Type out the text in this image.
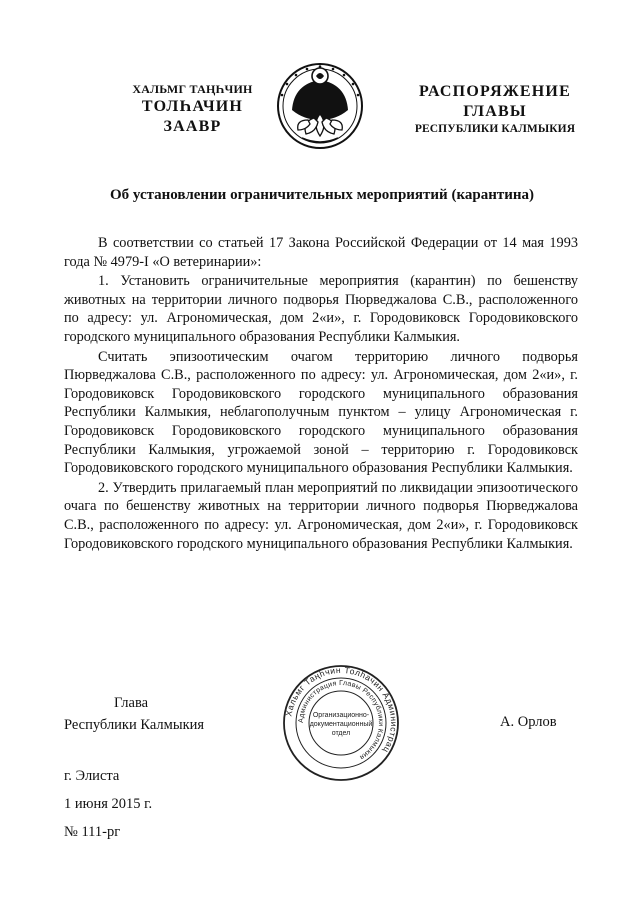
ХАЛЬМГ ТАҢҺЧИН
ТОЛҺАЧИН
ЗААВР
РАСПОРЯЖЕНИЕ
ГЛАВЫ
РЕСПУБЛИКИ КАЛМЫКИЯ
Об установлении ограничительных мероприятий (карантина)

В соответствии со статьей 17 Закона Российской Федерации от 14 мая 1993 года № 4979-I «О ветеринарии»:

1. Установить ограничительные мероприятия (карантин) по бешенству животных на территории личного подворья Пюрведжалова С.В., расположенного по адресу: ул. Агрономическая, дом 2«и», г. Городовиковск Городовиковского городского муниципального образования Республики Калмыкия.

Считать эпизоотическим очагом территорию личного подворья Пюрведжалова С.В., расположенного по адресу: ул. Агрономическая, дом 2«и», г. Городовиковск Городовиковского городского муниципального образования Республики Калмыкия, неблагополучным пунктом – улицу Агрономическая г. Городовиковск Городовиковского городского муниципального образования Республики Калмыкия, угрожаемой зоной – территорию г. Городовиковск Городовиковского городского муниципального образования Республики Калмыкия.

2. Утвердить прилагаемый план мероприятий по ликвидации эпизоотического очага по бешенству животных на территории личного подворья Пюрведжалова С.В., расположенного по адресу: ул. Агрономическая, дом 2«и», г. Городовиковск Городовиковского городского муниципального образования Республики Калмыкия.

Глава
Республики Калмыкия
Хальмг Таңһчин Толһачин Администрац
Администрация Главы Республики Калмыкия
Организационно-
документационный
отдел
А. Орлов
г. Элиста
1 июня 2015 г.
№ 111-рг
